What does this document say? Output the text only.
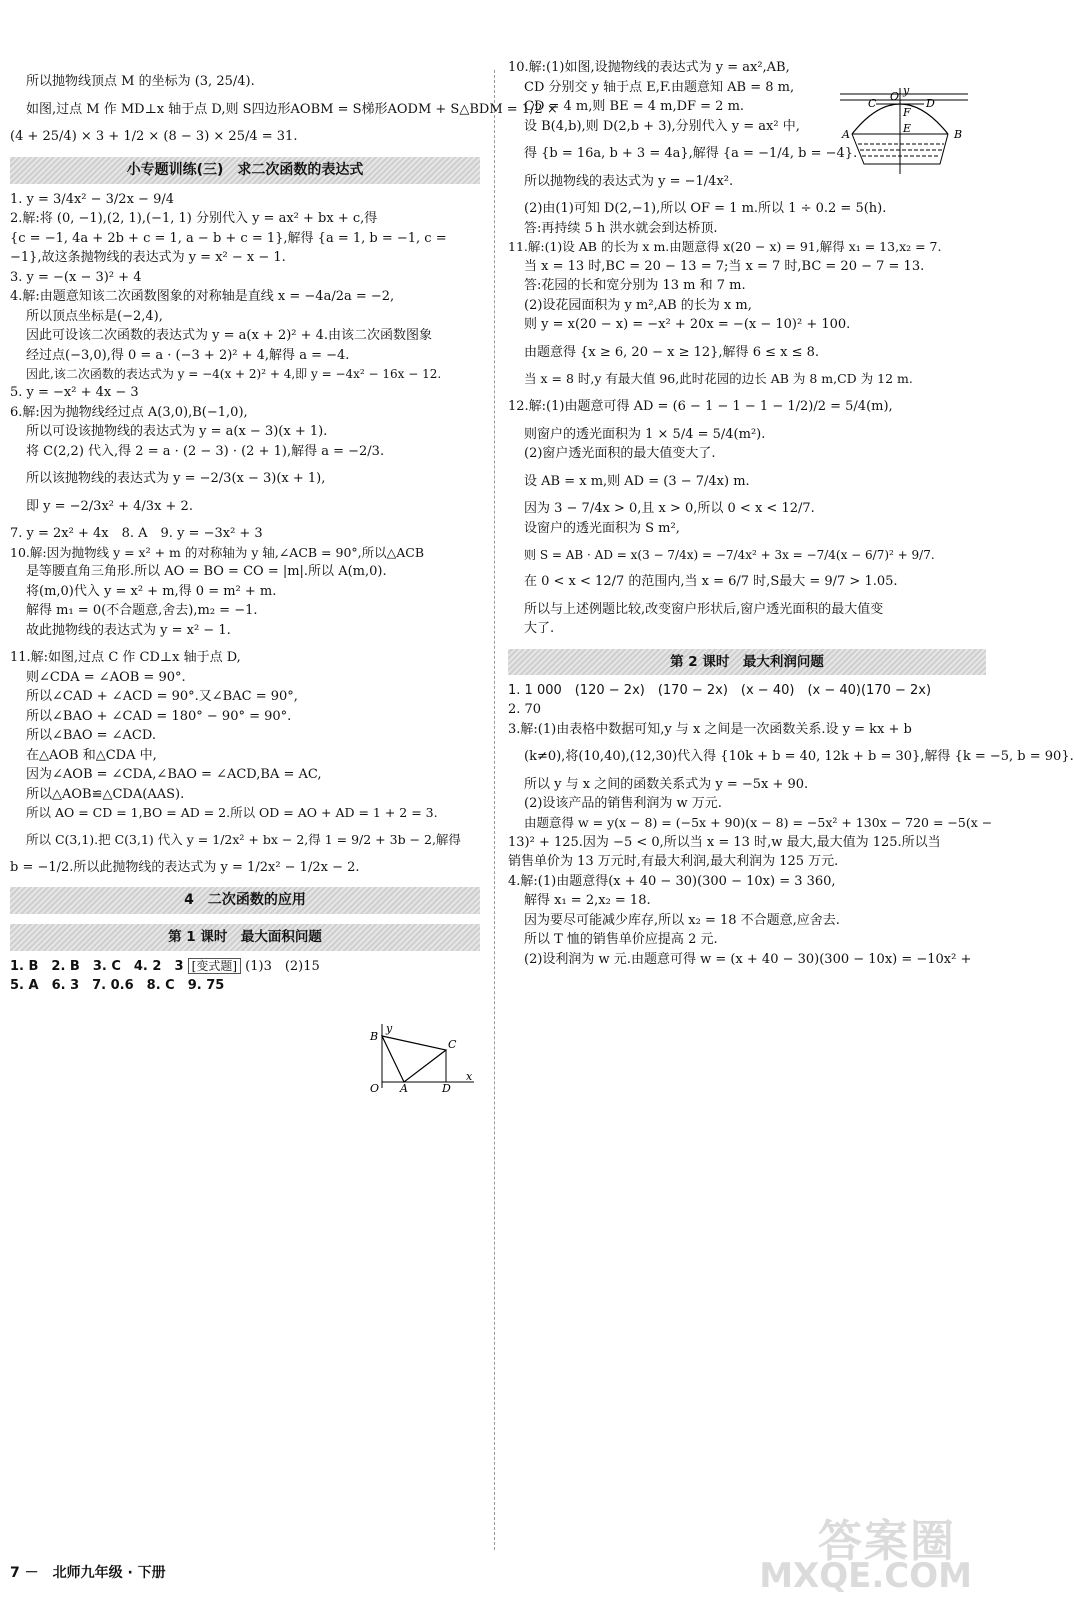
所以抛物线顶点 M 的坐标为 (3, 25/4).

如图,过点 M 作 MD⊥x 轴于点 D,则 S四边形AOBM = S梯形AODM + S△BDM = 1/2 ×

(4 + 25/4) × 3 + 1/2 × (8 − 3) × 25/4 = 31.

小专题训练(三)　求二次函数的表达式

1. y = 3/4x² − 3/2x − 9/4

2.解:将 (0, −1),(2, 1),(−1, 1) 分别代入 y = ax² + bx + c,得

{c = −1, 4a + 2b + c = 1, a − b + c = 1},解得 {a = 1, b = −1, c = −1},故这条抛物线的表达式为 y = x² − x − 1.

3. y = −(x − 3)² + 4

4.解:由题意知该二次函数图象的对称轴是直线 x = −4a/2a = −2,

所以顶点坐标是(−2,4),

因此可设该二次函数的表达式为 y = a(x + 2)² + 4.由该二次函数图象

经过点(−3,0),得 0 = a · (−3 + 2)² + 4,解得 a = −4.

因此,该二次函数的表达式为 y = −4(x + 2)² + 4,即 y = −4x² − 16x − 12.

5. y = −x² + 4x − 3

6.解:因为抛物线经过点 A(3,0),B(−1,0),

所以可设该抛物线的表达式为 y = a(x − 3)(x + 1).

将 C(2,2) 代入,得 2 = a · (2 − 3) · (2 + 1),解得 a = −2/3.

所以该抛物线的表达式为 y = −2/3(x − 3)(x + 1),

即 y = −2/3x² + 4/3x + 2.

7. y = 2x² + 4x　8. A　9. y = −3x² + 3

10.解:因为抛物线 y = x² + m 的对称轴为 y 轴,∠ACB = 90°,所以△ACB

是等腰直角三角形.所以 AO = BO = CO = |m|.所以 A(m,0).

将(m,0)代入 y = x² + m,得 0 = m² + m.

解得 m₁ = 0(不合题意,舍去),m₂ = −1.

故此抛物线的表达式为 y = x² − 1.

11.解:如图,过点 C 作 CD⊥x 轴于点 D,

则∠CDA = ∠AOB = 90°.

所以∠CAD + ∠ACD = 90°.又∠BAC = 90°,

所以∠BAO + ∠CAD = 180° − 90° = 90°.

所以∠BAO = ∠ACD.

在△AOB 和△CDA 中,

因为∠AOB = ∠CDA,∠BAO = ∠ACD,BA = AC,

所以△AOB≌△CDA(AAS).

所以 AO = CD = 1,BO = AD = 2.所以 OD = AO + AD = 1 + 2 = 3.

所以 C(3,1).把 C(3,1) 代入 y = 1/2x² + bx − 2,得 1 = 9/2 + 3b − 2,解得

b = −1/2.所以此抛物线的表达式为 y = 1/2x² − 1/2x − 2.

4　二次函数的应用
第 1 课时　最大面积问题

1. B　2. B　3. C　4. 2　3 [变式题] (1)3　(2)15

5. A　6. 3　7. 0.6　8. C　9. 75

10.解:(1)如图,设抛物线的表达式为 y = ax²,AB,

CD 分别交 y 轴于点 E,F.由题意知 AB = 8 m,

CD = 4 m,则 BE = 4 m,DF = 2 m.

设 B(4,b),则 D(2,b + 3),分别代入 y = ax² 中,

得 {b = 16a, b + 3 = 4a},解得 {a = −1/4, b = −4}.

所以抛物线的表达式为 y = −1/4x².

(2)由(1)可知 D(2,−1),所以 OF = 1 m.所以 1 ÷ 0.2 = 5(h).

答:再持续 5 h 洪水就会到达桥顶.

11.解:(1)设 AB 的长为 x m.由题意得 x(20 − x) = 91,解得 x₁ = 13,x₂ = 7.

当 x = 13 时,BC = 20 − 13 = 7;当 x = 7 时,BC = 20 − 7 = 13.

答:花园的长和宽分别为 13 m 和 7 m.

(2)设花园面积为 y m²,AB 的长为 x m,

则 y = x(20 − x) = −x² + 20x = −(x − 10)² + 100.

由题意得 {x ≥ 6, 20 − x ≥ 12},解得 6 ≤ x ≤ 8.

当 x = 8 时,y 有最大值 96,此时花园的边长 AB 为 8 m,CD 为 12 m.

12.解:(1)由题意可得 AD = (6 − 1 − 1 − 1 − 1/2)/2 = 5/4(m),

则窗户的透光面积为 1 × 5/4 = 5/4(m²).

(2)窗户透光面积的最大值变大了.

设 AB = x m,则 AD = (3 − 7/4x) m.

因为 3 − 7/4x > 0,且 x > 0,所以 0 < x < 12/7.

设窗户的透光面积为 S m²,

则 S = AB · AD = x(3 − 7/4x) = −7/4x² + 3x = −7/4(x − 6/7)² + 9/7.

在 0 < x < 12/7 的范围内,当 x = 6/7 时,S最大 = 9/7 > 1.05.

所以与上述例题比较,改变窗户形状后,窗户透光面积的最大值变

大了.

第 2 课时　最大利润问题

1. 1 000　(120 − 2x)　(170 − 2x)　(x − 40)　(x − 40)(170 − 2x)

2. 70

3.解:(1)由表格中数据可知,y 与 x 之间是一次函数关系.设 y = kx + b

(k≠0),将(10,40),(12,30)代入得 {10k + b = 40, 12k + b = 30},解得 {k = −5, b = 90}.

所以 y 与 x 之间的函数关系式为 y = −5x + 90.

(2)设该产品的销售利润为 w 万元.

由题意得 w = y(x − 8) = (−5x + 90)(x − 8) = −5x² + 130x − 720 = −5(x −

13)² + 125.因为 −5 < 0,所以当 x = 13 时,w 最大,最大值为 125.所以当

销售单价为 13 万元时,有最大利润,最大利润为 125 万元.

4.解:(1)由题意得(x + 40 − 30)(300 − 10x) = 3 360,

解得 x₁ = 2,x₂ = 18.

因为要尽可能减少库存,所以 x₂ = 18 不合题意,应舍去.

所以 T 恤的销售单价应提高 2 元.

(2)设利润为 w 元.由题意可得 w = (x + 40 − 30)(300 − 10x) = −10x² +

y
C
O
D
F
E
A	B
y
B
C
O A	D
x
7 －　北师九年级 · 下册
答案圈
MXQE.COM
